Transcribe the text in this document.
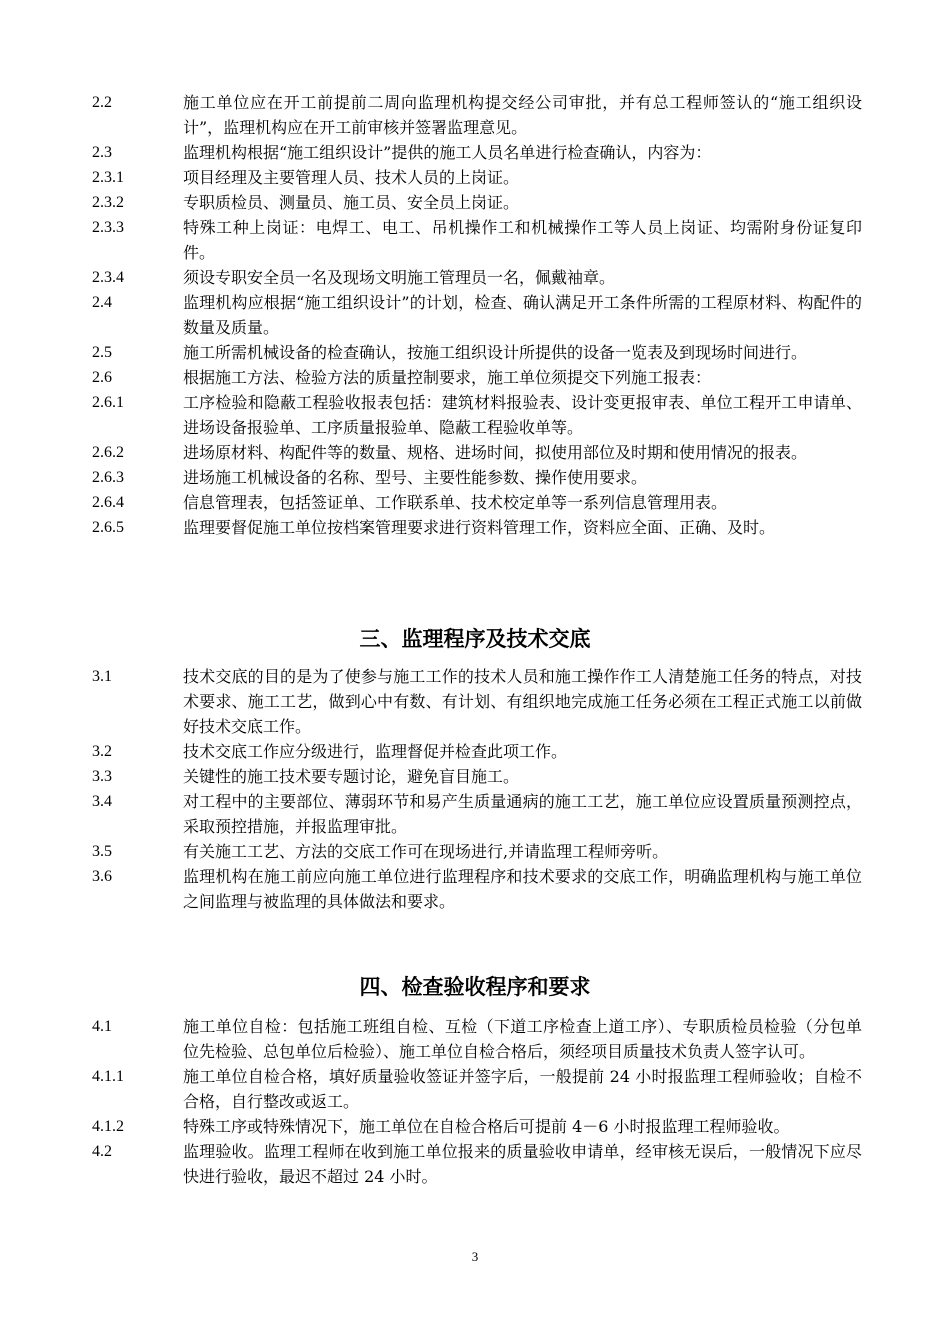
2.2	施工单位应在开工前提前二周向监理机构提交经公司审批，并有总工程师签认的“施工组织设计”，监理机构应在开工前审核并签署监理意见。
2.3	监理机构根据“施工组织设计”提供的施工人员名单进行检查确认，内容为：
2.3.1	项目经理及主要管理人员、技术人员的上岗证。
2.3.2	专职质检员、测量员、施工员、安全员上岗证。
2.3.3	特殊工种上岗证：电焊工、电工、吊机操作工和机械操作工等人员上岗证、均需附身份证复印件。
2.3.4	须设专职安全员一名及现场文明施工管理员一名，佩戴袖章。
2.4	监理机构应根据“施工组织设计”的计划，检查、确认满足开工条件所需的工程原材料、构配件的数量及质量。
2.5	施工所需机械设备的检查确认，按施工组织设计所提供的设备一览表及到现场时间进行。
2.6	根据施工方法、检验方法的质量控制要求，施工单位须提交下列施工报表：
2.6.1	工序检验和隐蔽工程验收报表包括：建筑材料报验表、设计变更报审表、单位工程开工申请单、进场设备报验单、工序质量报验单、隐蔽工程验收单等。
2.6.2	进场原材料、构配件等的数量、规格、进场时间，拟使用部位及时期和使用情况的报表。
2.6.3	进场施工机械设备的名称、型号、主要性能参数、操作使用要求。
2.6.4	信息管理表，包括签证单、工作联系单、技术校定单等一系列信息管理用表。
2.6.5	监理要督促施工单位按档案管理要求进行资料管理工作，资料应全面、正确、及时。
三、监理程序及技术交底
3.1	技术交底的目的是为了使参与施工工作的技术人员和施工操作作工人清楚施工任务的特点，对技术要求、施工工艺，做到心中有数、有计划、有组织地完成施工任务必须在工程正式施工以前做好技术交底工作。
3.2	技术交底工作应分级进行，监理督促并检查此项工作。
3.3	关键性的施工技术要专题讨论，避免盲目施工。
3.4	对工程中的主要部位、薄弱环节和易产生质量通病的施工工艺，施工单位应设置质量预测控点，采取预控措施，并报监理审批。
3.5	有关施工工艺、方法的交底工作可在现场进行,并请监理工程师旁听。
3.6	监理机构在施工前应向施工单位进行监理程序和技术要求的交底工作，明确监理机构与施工单位之间监理与被监理的具体做法和要求。
四、检查验收程序和要求
4.1	施工单位自检：包括施工班组自检、互检（下道工序检查上道工序）、专职质检员检验（分包单位先检验、总包单位后检验）、施工单位自检合格后，须经项目质量技术负责人签字认可。
4.1.1	施工单位自检合格，填好质量验收签证并签字后，一般提前 24 小时报监理工程师验收；自检不合格，自行整改或返工。
4.1.2	特殊工序或特殊情况下，施工单位在自检合格后可提前 4－6 小时报监理工程师验收。
4.2	监理验收。监理工程师在收到施工单位报来的质量验收申请单，经审核无误后，一般情况下应尽快进行验收，最迟不超过 24 小时。
3
